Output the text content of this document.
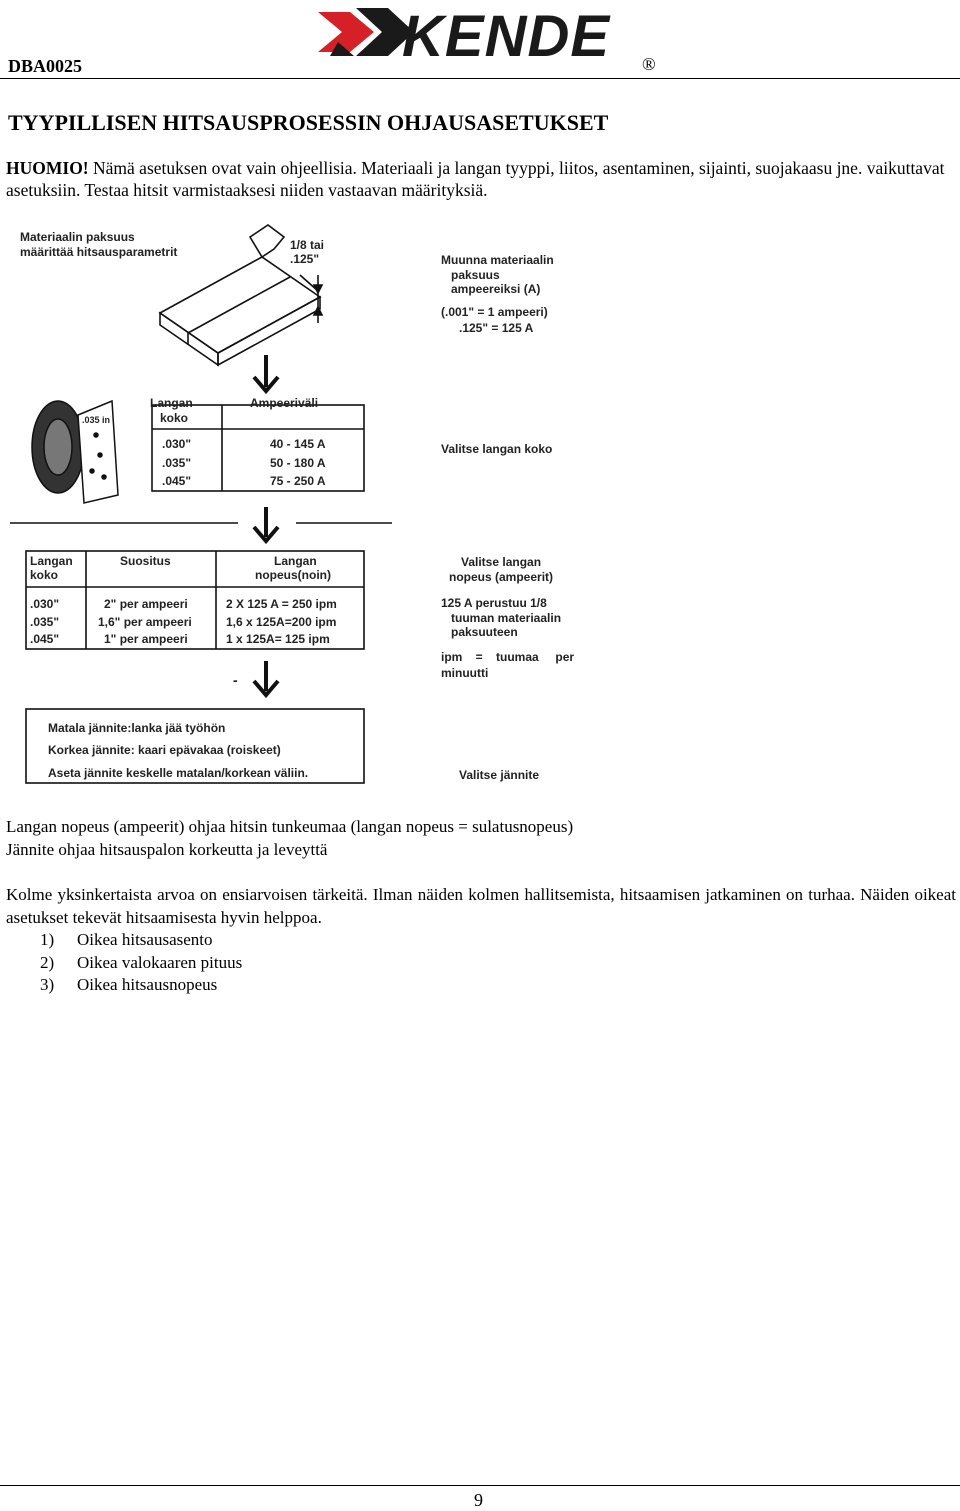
DBA0025	KENDE ®
TYYPILLISEN HITSAUSPROSESSIN OHJAUSASETUKSET
HUOMIO! Nämä asetuksen ovat vain ohjeellisia. Materiaali ja langan tyyppi, liitos, asentaminen, sijainti, suojakaasu jne. vaikuttavat asetuksiin. Testaa hitsit varmistaaksesi niiden vastaavan määrityksiä.
Materiaalin paksuus
määrittää hitsausparametrit	1/8 tai
.125"	Muunna materiaalin
paksuus
ampeereiksi (A)
(.001" = 1 ampeeri)
.125" = 125 A
.035 in
Langan
koko
Ampeeriväli
.030"	40 - 145 A
.035"	50 - 180 A
.045"	75 - 250 A
Valitse langan koko
Langan
koko
Suositus	Langan
nopeus(noin)
.030"	2" per ampeeri	2 X 125 A = 250 ipm
.035"	1,6" per ampeeri	1,6 x 125A=200 ipm
.045"	1" per ampeeri	1 x 125A= 125 ipm
Valitse langan
nopeus (ampeerit)
125 A perustuu 1/8
tuuman materiaalin
paksuuteen
ipm    =    tuumaa     per
minuutti
-
Matala jännite:lanka jää työhön
Korkea jännite: kaari epävakaa (roiskeet)
Aseta jännite keskelle matalan/korkean väliin.	Valitse jännite
Langan nopeus (ampeerit) ohjaa hitsin tunkeumaa (langan nopeus = sulatusnopeus)
Jännite ohjaa hitsauspalon korkeutta ja leveyttä
Kolme yksinkertaista arvoa on ensiarvoisen tärkeitä. Ilman näiden kolmen hallitsemista, hitsaamisen jatkaminen on turhaa. Näiden oikeat asetukset tekevät hitsaamisesta hyvin helppoa.
1) Oikea hitsausasento
2) Oikea valokaaren pituus
3) Oikea hitsausnopeus
9
